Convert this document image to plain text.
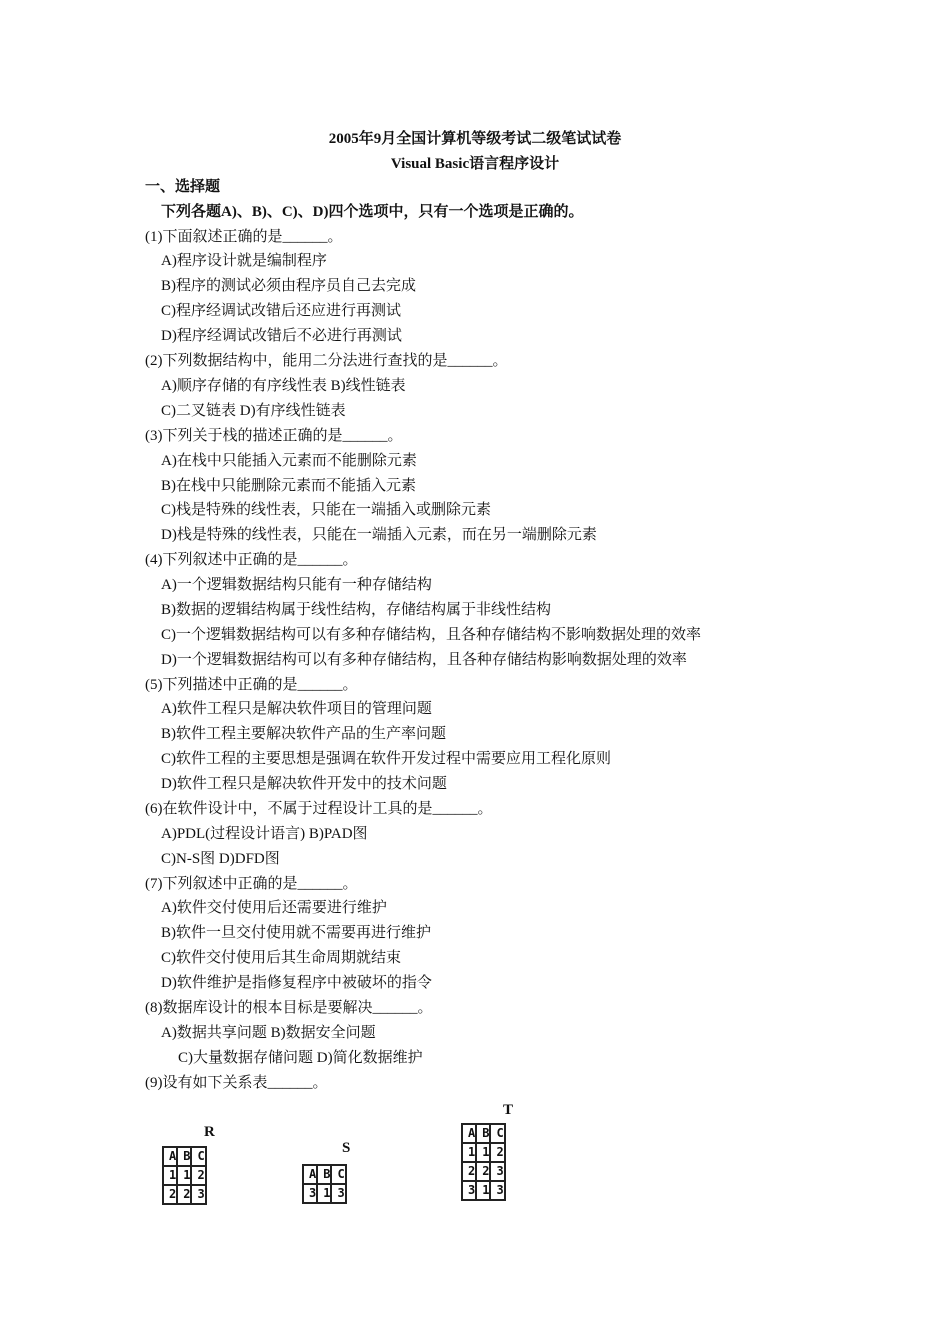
2005年9月全国计算机等级考试二级笔试试卷
Visual Basic语言程序设计
一、选择题
下列各题A)、B)、C)、D)四个选项中，只有一个选项是正确的。
(1)下面叙述正确的是______。
A)程序设计就是编制程序
B)程序的测试必须由程序员自己去完成
C)程序经调试改错后还应进行再测试
D)程序经调试改错后不必进行再测试
(2)下列数据结构中，能用二分法进行查找的是______。
A)顺序存储的有序线性表 B)线性链表
C)二叉链表 D)有序线性链表
(3)下列关于栈的描述正确的是______。
A)在栈中只能插入元素而不能删除元素
B)在栈中只能删除元素而不能插入元素
C)栈是特殊的线性表，只能在一端插入或删除元素
D)栈是特殊的线性表，只能在一端插入元素，而在另一端删除元素
(4)下列叙述中正确的是______。
A)一个逻辑数据结构只能有一种存储结构
B)数据的逻辑结构属于线性结构，存储结构属于非线性结构
C)一个逻辑数据结构可以有多种存储结构，且各种存储结构不影响数据处理的效率
D)一个逻辑数据结构可以有多种存储结构，且各种存储结构影响数据处理的效率
(5)下列描述中正确的是______。
A)软件工程只是解决软件项目的管理问题
B)软件工程主要解决软件产品的生产率问题
C)软件工程的主要思想是强调在软件开发过程中需要应用工程化原则
D)软件工程只是解决软件开发中的技术问题
(6)在软件设计中，不属于过程设计工具的是______。
A)PDL(过程设计语言) B)PAD图
C)N-S图 D)DFD图
(7)下列叙述中正确的是______。
A)软件交付使用后还需要进行维护
B)软件一旦交付使用就不需要再进行维护
C)软件交付使用后其生命周期就结束
D)软件维护是指修复程序中被破坏的指令
(8)数据库设计的根本目标是要解决______。
A)数据共享问题 B)数据安全问题
C)大量数据存储问题 D)简化数据维护
(9)设有如下关系表______。
R
A	B	C
1	1	2
2	2	3
S
A	B	C
3	1	3
T
A	B	C
1	1	2
2	2	3
3	1	3
